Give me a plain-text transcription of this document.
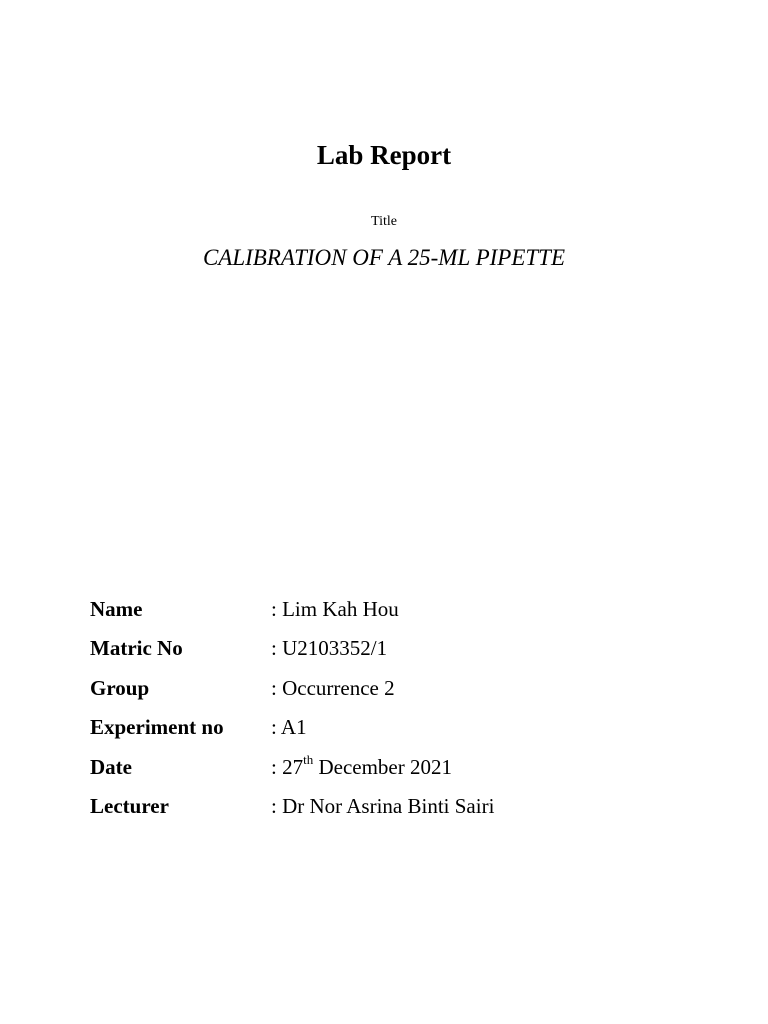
Lab Report
Title
CALIBRATION OF A 25-ML PIPETTE
Name	: Lim Kah Hou
Matric No	: U2103352/1
Group	: Occurrence 2
Experiment no	: A1
Date	: 27th December 2021
Lecturer	: Dr Nor Asrina Binti Sairi
